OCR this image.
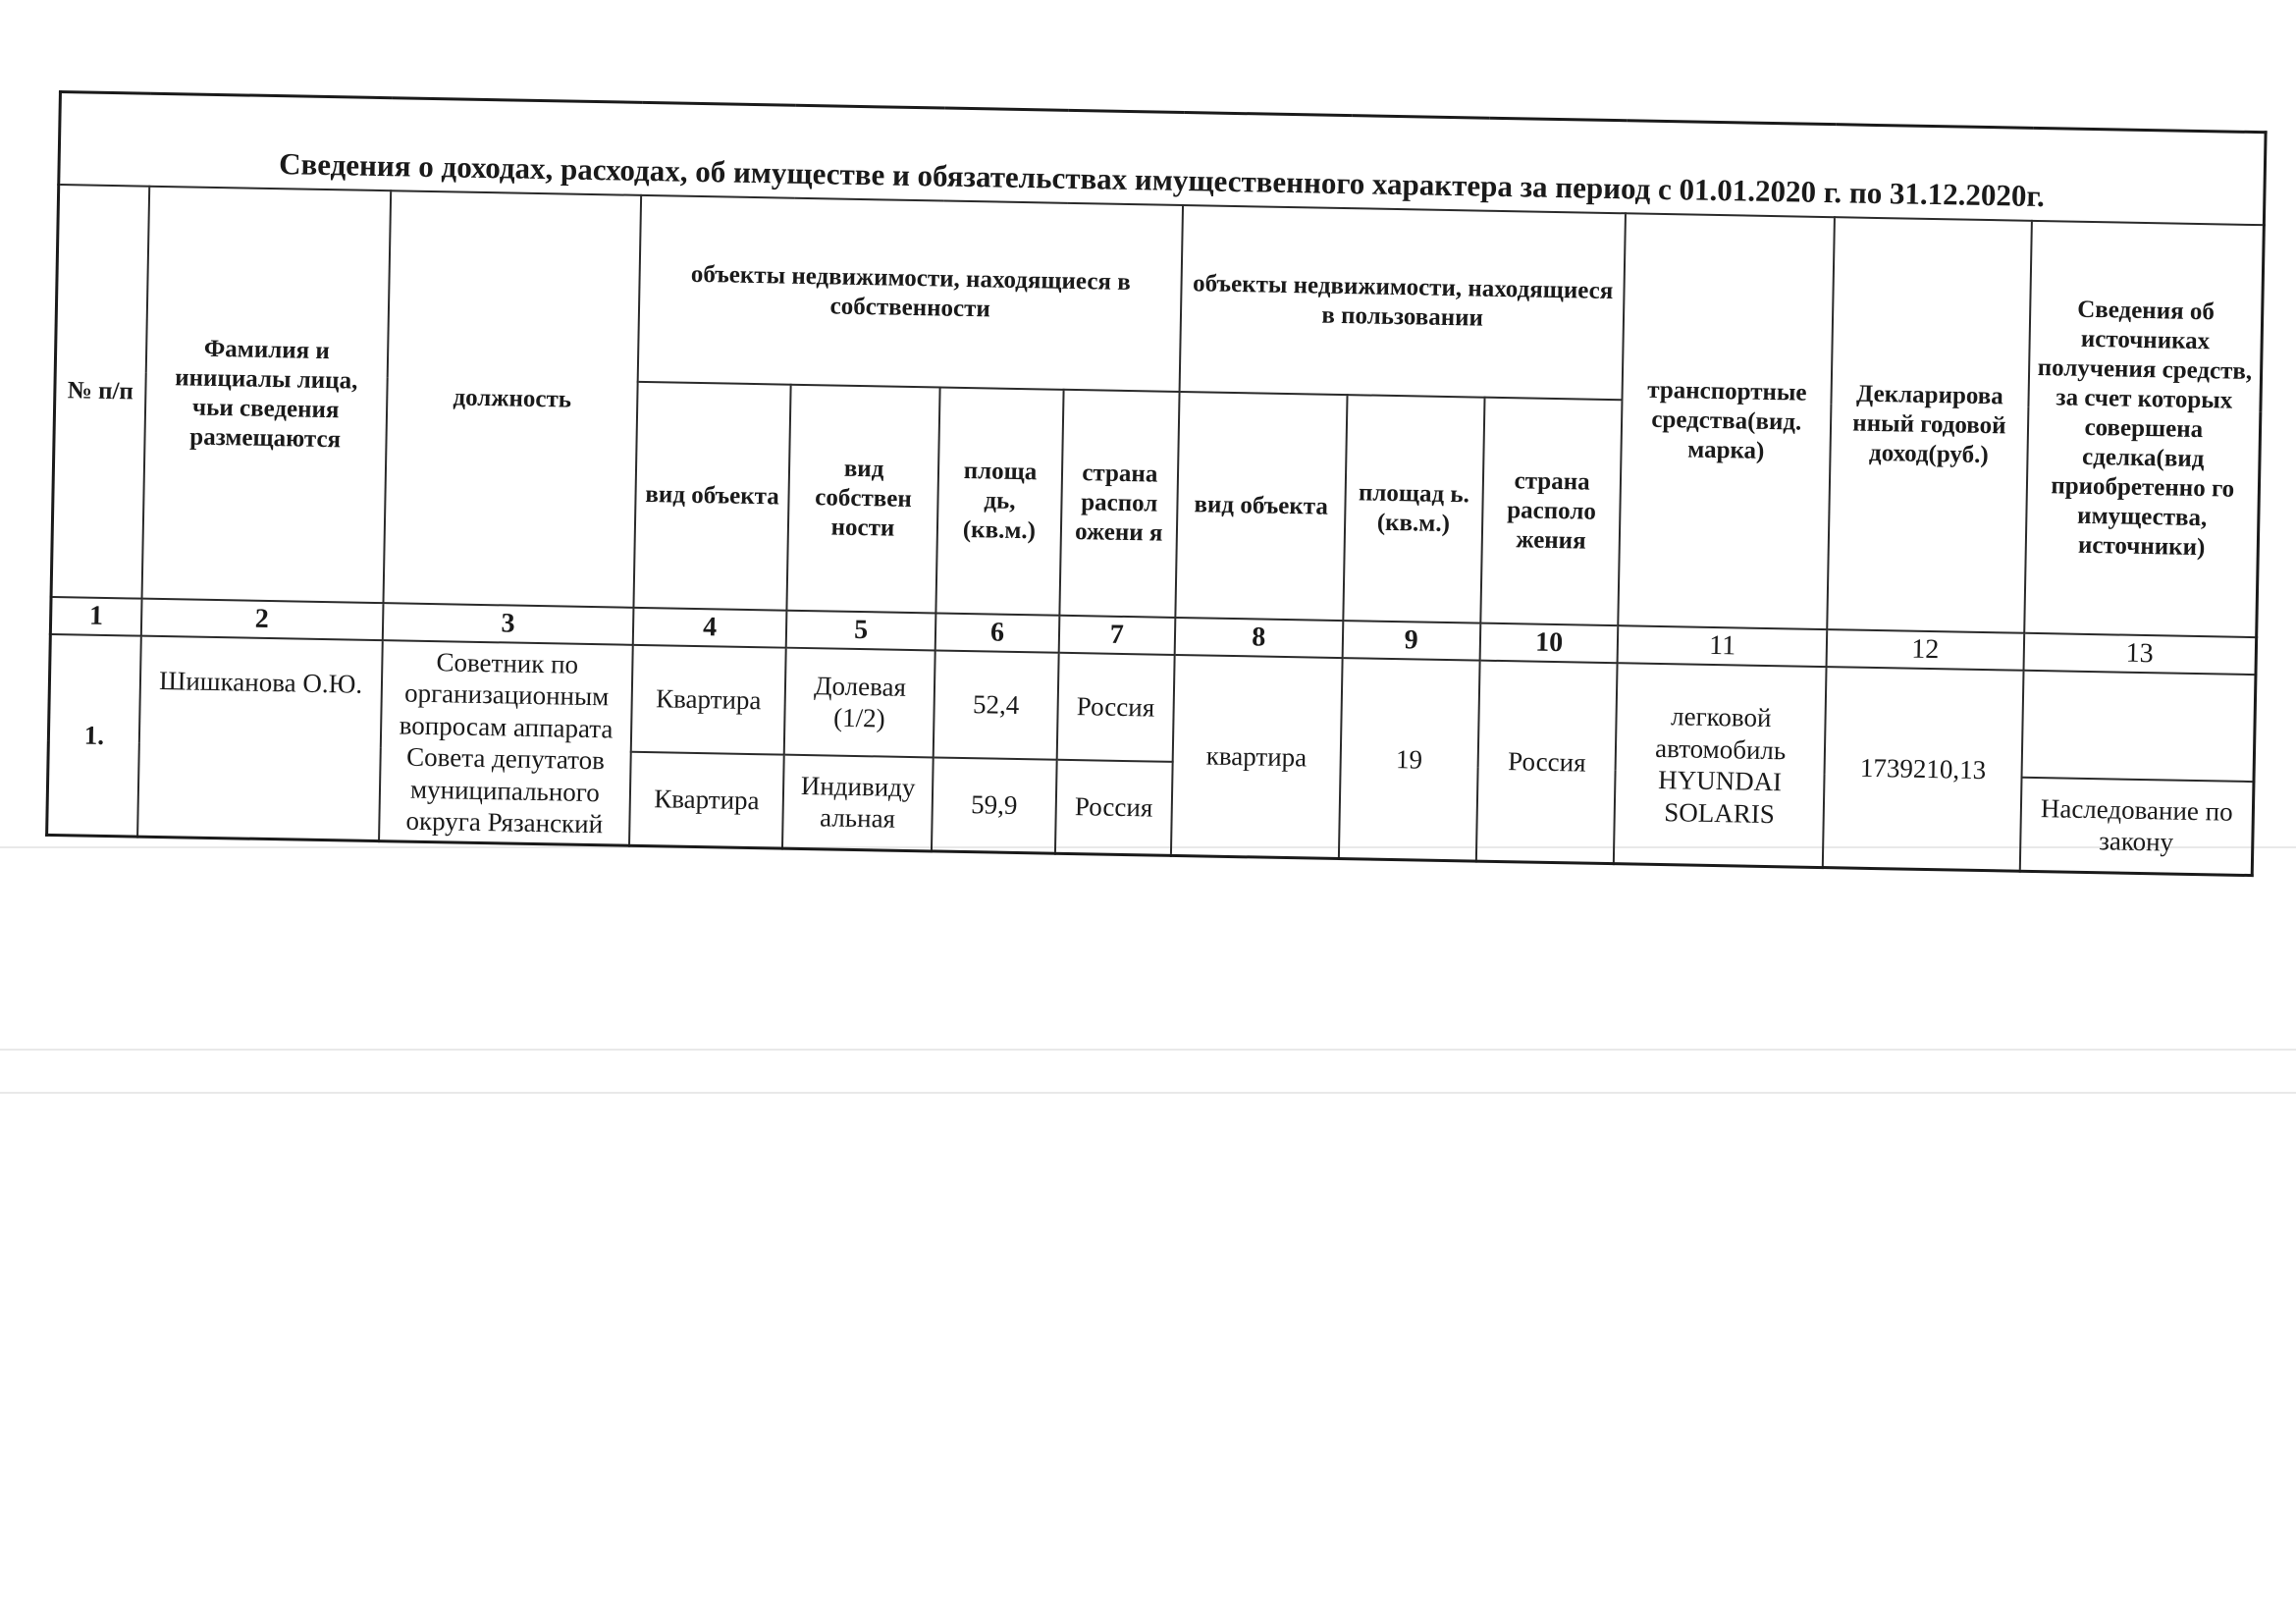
Сведения о доходах, расходах, об имуществе и обязательствах имущественного характера за период с 01.01.2020 г. по 31.12.2020г.												
№ п/п	Фамилия и инициалы лица, чьи сведения размещаются	должность	объекты недвижимости, находящиеся в собственности				объекты недвижимости, находящиеся в пользовании			транспортные средства(вид. марка)	Декларирова нный годовой доход(руб.)	Сведения об источниках получения средств, за счет которых совершена сделка(вид приобретенно го имущества, источники)
			вид объекта	вид собствен ности	площа дь, (кв.м.)	страна распол ожени я	вид объекта	площад ь. (кв.м.)	страна располо жения			
1	2	3	4	5	6	7	8	9	10	11	12	13
1.	Шишканова О.Ю.	Советник по организационным вопросам аппарата Совета депутатов муниципального округа Рязанский	Квартира	Долевая (1/2)	52,4	Россия	квартира	19	Россия	легковой автомобиль HYUNDAI SOLARIS	1739210,13	
			Квартира	Индивиду альная	59,9	Россия						Наследование по закону
